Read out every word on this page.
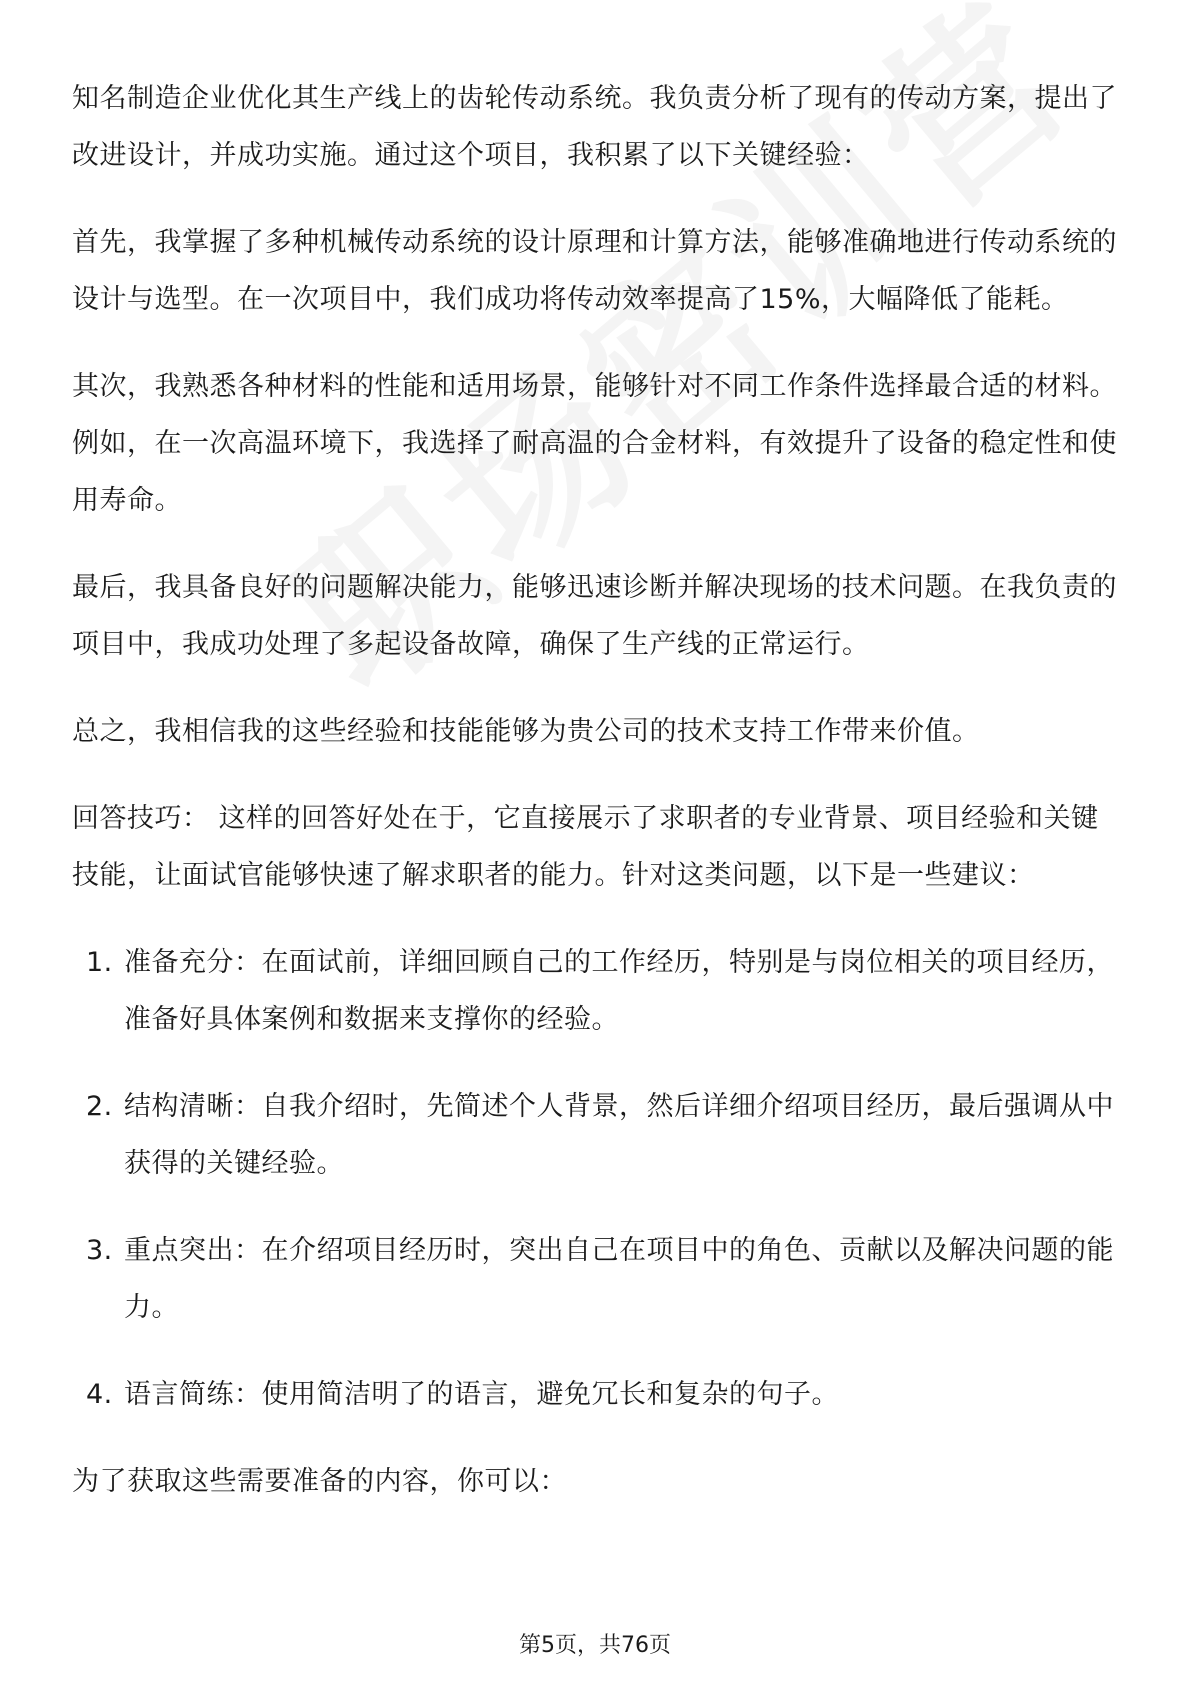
知名制造企业优化其生产线上的齿轮传动系统。我负责分析了现有的传动方案，提出了改进设计，并成功实施。通过这个项目，我积累了以下关键经验：

首先，我掌握了多种机械传动系统的设计原理和计算方法，能够准确地进行传动系统的设计与选型。在一次项目中，我们成功将传动效率提高了15%，大幅降低了能耗。

其次，我熟悉各种材料的性能和适用场景，能够针对不同工作条件选择最合适的材料。例如，在一次高温环境下，我选择了耐高温的合金材料，有效提升了设备的稳定性和使用寿命。

最后，我具备良好的问题解决能力，能够迅速诊断并解决现场的技术问题。在我负责的项目中，我成功处理了多起设备故障，确保了生产线的正常运行。

总之，我相信我的这些经验和技能能够为贵公司的技术支持工作带来价值。

回答技巧： 这样的回答好处在于，它直接展示了求职者的专业背景、项目经验和关键技能，让面试官能够快速了解求职者的能力。针对这类问题，以下是一些建议：

1. 准备充分：在面试前，详细回顾自己的工作经历，特别是与岗位相关的项目经历，准备好具体案例和数据来支撑你的经验。
2. 结构清晰：自我介绍时，先简述个人背景，然后详细介绍项目经历，最后强调从中获得的关键经验。
3. 重点突出：在介绍项目经历时，突出自己在项目中的角色、贡献以及解决问题的能力。
4. 语言简练：使用简洁明了的语言，避免冗长和复杂的句子。

为了获取这些需要准备的内容，你可以：

第5页，共76页
